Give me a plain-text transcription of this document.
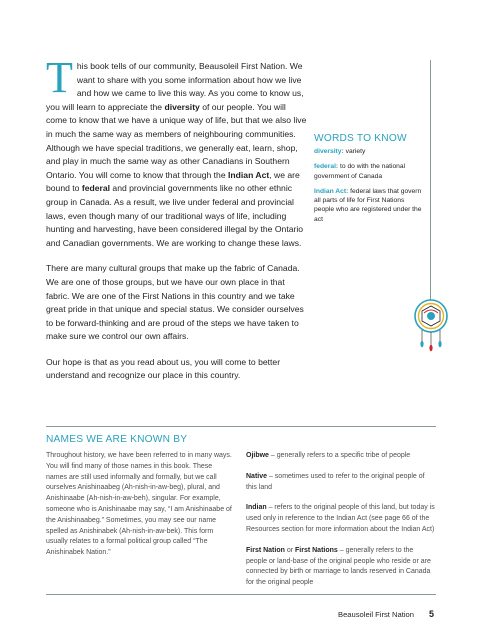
This book tells of our community, Beausoleil First Nation. We want to share with you some information about how we live and how we came to live this way. As you come to know us, you will learn to appreciate the diversity of our people. You will come to know that we have a unique way of life, but that we also live in much the same way as members of neighbouring communities. Although we have special traditions, we generally eat, learn, shop, and play in much the same way as other Canadians in Southern Ontario. You will come to know that through the Indian Act, we are bound to federal and provincial governments like no other ethnic group in Canada. As a result, we live under federal and provincial laws, even though many of our traditional ways of life, including hunting and harvesting, have been considered illegal by the Ontario and Canadian governments. We are working to change these laws.

There are many cultural groups that make up the fabric of Canada. We are one of those groups, but we have our own place in that fabric. We are one of the First Nations in this country and we take great pride in that unique and special status. We consider ourselves to be forward-thinking and are proud of the steps we have taken to make sure we control our own affairs.

Our hope is that as you read about us, you will come to better understand and recognize our place in this country.

WORDS TO KNOW
diversity: variety
federal: to do with the national government of Canada
Indian Act: federal laws that govern all parts of life for First Nations people who are registered under the act
NAMES WE ARE KNOWN BY

Throughout history, we have been referred to in many ways. You will find many of those names in this book. These names are still used informally and formally, but we call ourselves Anishinaabeg (Ah-nish-in-aw-beg), plural, and Anishinaabe (Ah-nish-in-aw-beh), singular. For example, someone who is Anishinaabe may say, “I am Anishinaabe of the Anishinaabeg.” Sometimes, you may see our name spelled as Anishinabek (Ah-nish-in-aw-bek). This form usually relates to a formal political group called “The Anishinabek Nation.”

Ojibwe – generally refers to a specific tribe of people

Native – sometimes used to refer to the original people of this land

Indian – refers to the original people of this land, but today is used only in reference to the Indian Act (see page 66 of the Resources section for more information about the Indian Act)

First Nation or First Nations – generally refers to the people or land-base of the original people who reside or are connected by birth or marriage to lands reserved in Canada for the original people

Beausoleil First Nation 5
